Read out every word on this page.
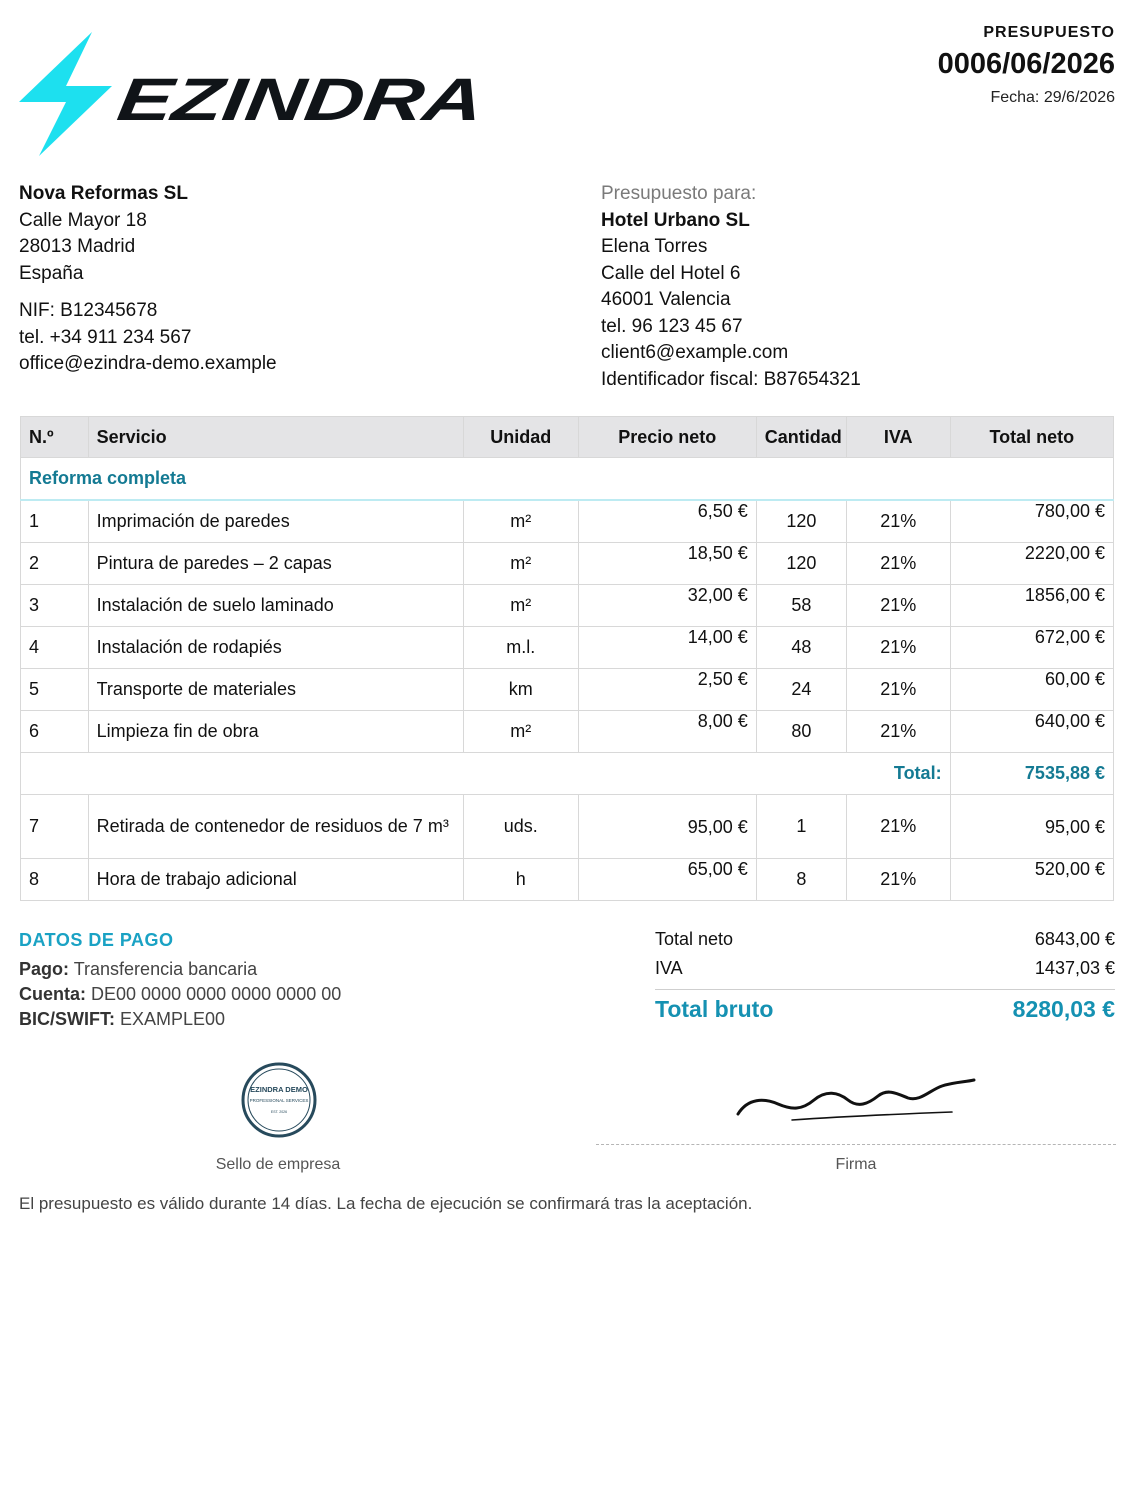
EZINDRA
PRESUPUESTO
0006/06/2026
Fecha: 29/6/2026
Nova Reformas SL
Calle Mayor 18
28013 Madrid
España
NIF: B12345678
tel. +34 911 234 567
office@ezindra-demo.example
Presupuesto para:
Hotel Urbano SL
Elena Torres
Calle del Hotel 6
46001 Valencia
tel. 96 123 45 67
client6@example.com
Identificador fiscal: B87654321
N.º	Servicio	Unidad	Precio neto	Cantidad	IVA	Total neto
Reforma completa						
1	Imprimación de paredes	m²	6,50 €	120	21%	780,00 €
2	Pintura de paredes – 2 capas	m²	18,50 €	120	21%	2220,00 €
3	Instalación de suelo laminado	m²	32,00 €	58	21%	1856,00 €
4	Instalación de rodapiés	m.l.	14,00 €	48	21%	672,00 €
5	Transporte de materiales	km	2,50 €	24	21%	60,00 €
6	Limpieza fin de obra	m²	8,00 €	80	21%	640,00 €
Total:						7535,88 €
7	Retirada de contenedor de residuos de 7 m³	uds.	95,00 €	1	21%	95,00 €
8	Hora de trabajo adicional	h	65,00 €	8	21%	520,00 €
DATOS DE PAGO
Pago: Transferencia bancaria
Cuenta: DE00 0000 0000 0000 0000 00
BIC/SWIFT: EXAMPLE00
Total neto	6843,00 €
IVA	1437,03 €
Total bruto	8280,03 €
EZINDRA DEMO
PROFESSIONAL SERVICES
EST. 2026
Sello de empresa	Firma
El presupuesto es válido durante 14 días. La fecha de ejecución se confirmará tras la aceptación.
